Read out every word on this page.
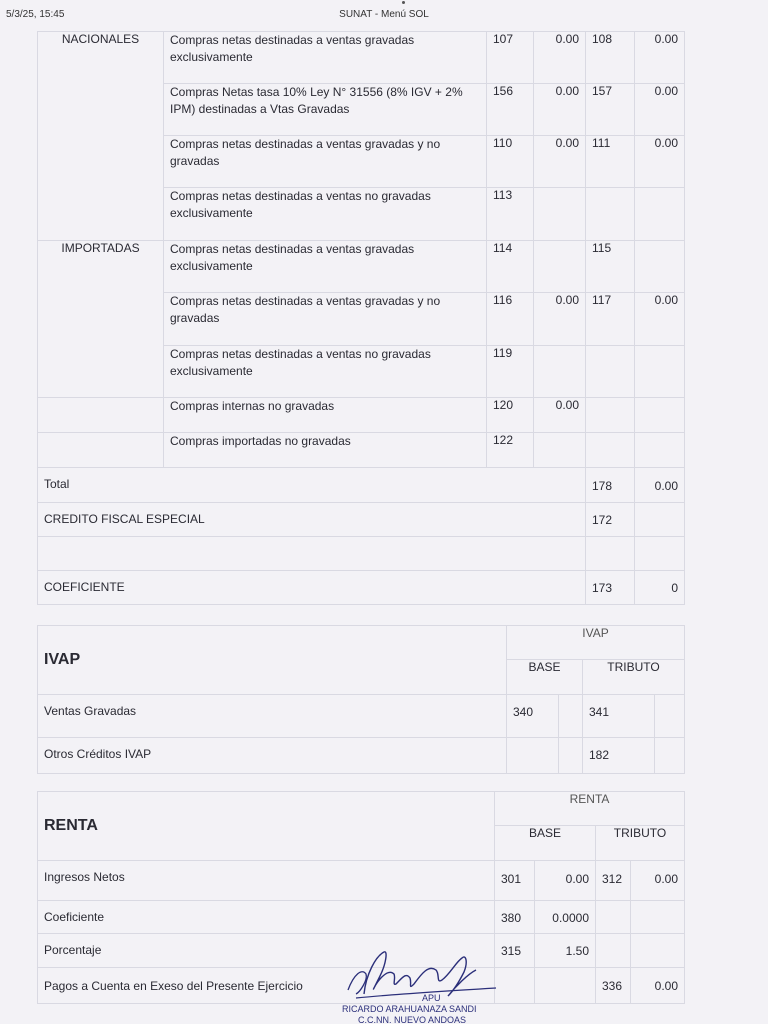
5/3/25, 15:45	SUNAT - Menú SOL
NACIONALES	Compras netas destinadas a ventas gravadas exclusivamente	107	0.00	108	0.00
	Compras Netas tasa 10% Ley N° 31556 (8% IGV + 2% IPM) destinadas a Vtas Gravadas	156	0.00	157	0.00
	Compras netas destinadas a ventas gravadas y no gravadas	110	0.00	111	0.00
	Compras netas destinadas a ventas no gravadas exclusivamente	113			
IMPORTADAS	Compras netas destinadas a ventas gravadas exclusivamente	114		115	
	Compras netas destinadas a ventas gravadas y no gravadas	116	0.00	117	0.00
	Compras netas destinadas a ventas no gravadas exclusivamente	119			
	Compras internas no gravadas	120	0.00		
	Compras importadas no gravadas	122			
Total				178	0.00
CREDITO FISCAL ESPECIAL				172	

COEFICIENTE				173	0
IVAP	IVAP			
	BASE		TRIBUTO	
Ventas Gravadas	340		341	
Otros Créditos IVAP			182	
RENTA	RENTA			
	BASE		TRIBUTO	
Ingresos Netos	301	0.00	312	0.00
Coeficiente	380	0.0000		
Porcentaje	315	1.50		
Pagos a Cuenta en Exeso del Presente Ejercicio			336	0.00
APU
RICARDO ARAHUANAZA SANDI
C.C.NN. NUEVO ANDOAS
